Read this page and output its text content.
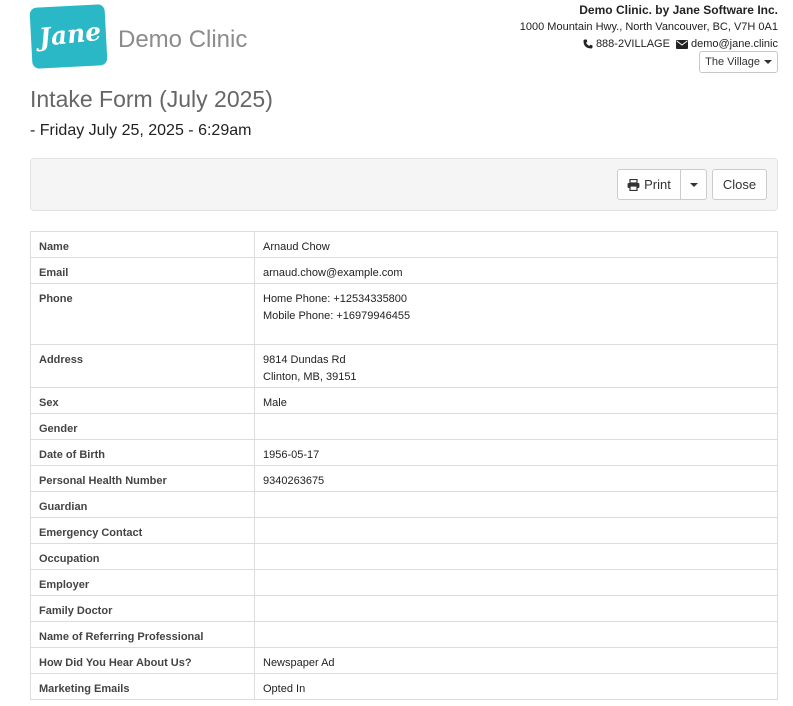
Jane Demo Clinic
Demo Clinic. by Jane Software Inc.
1000 Mountain Hwy., North Vancouver, BC, V7H 0A1
888-2VILLAGE demo@jane.clinic
The Village
Intake Form (July 2025)
- Friday July 25, 2025 - 6:29am
Print	Close
Name	Arnaud Chow

Email	arnaud.chow@example.com

Phone	Home Phone: +12534335800
Mobile Phone: +16979946455

Address	9814 Dundas Rd
Clinton, MB, 39151

Sex	Male

Gender	
Date of Birth	1956-05-17

Personal Health Number	9340263675

Guardian	
Emergency Contact	
Occupation	
Employer	
Family Doctor	
Name of Referring Professional	
How Did You Hear About Us?	Newspaper Ad

Marketing Emails	Opted In
